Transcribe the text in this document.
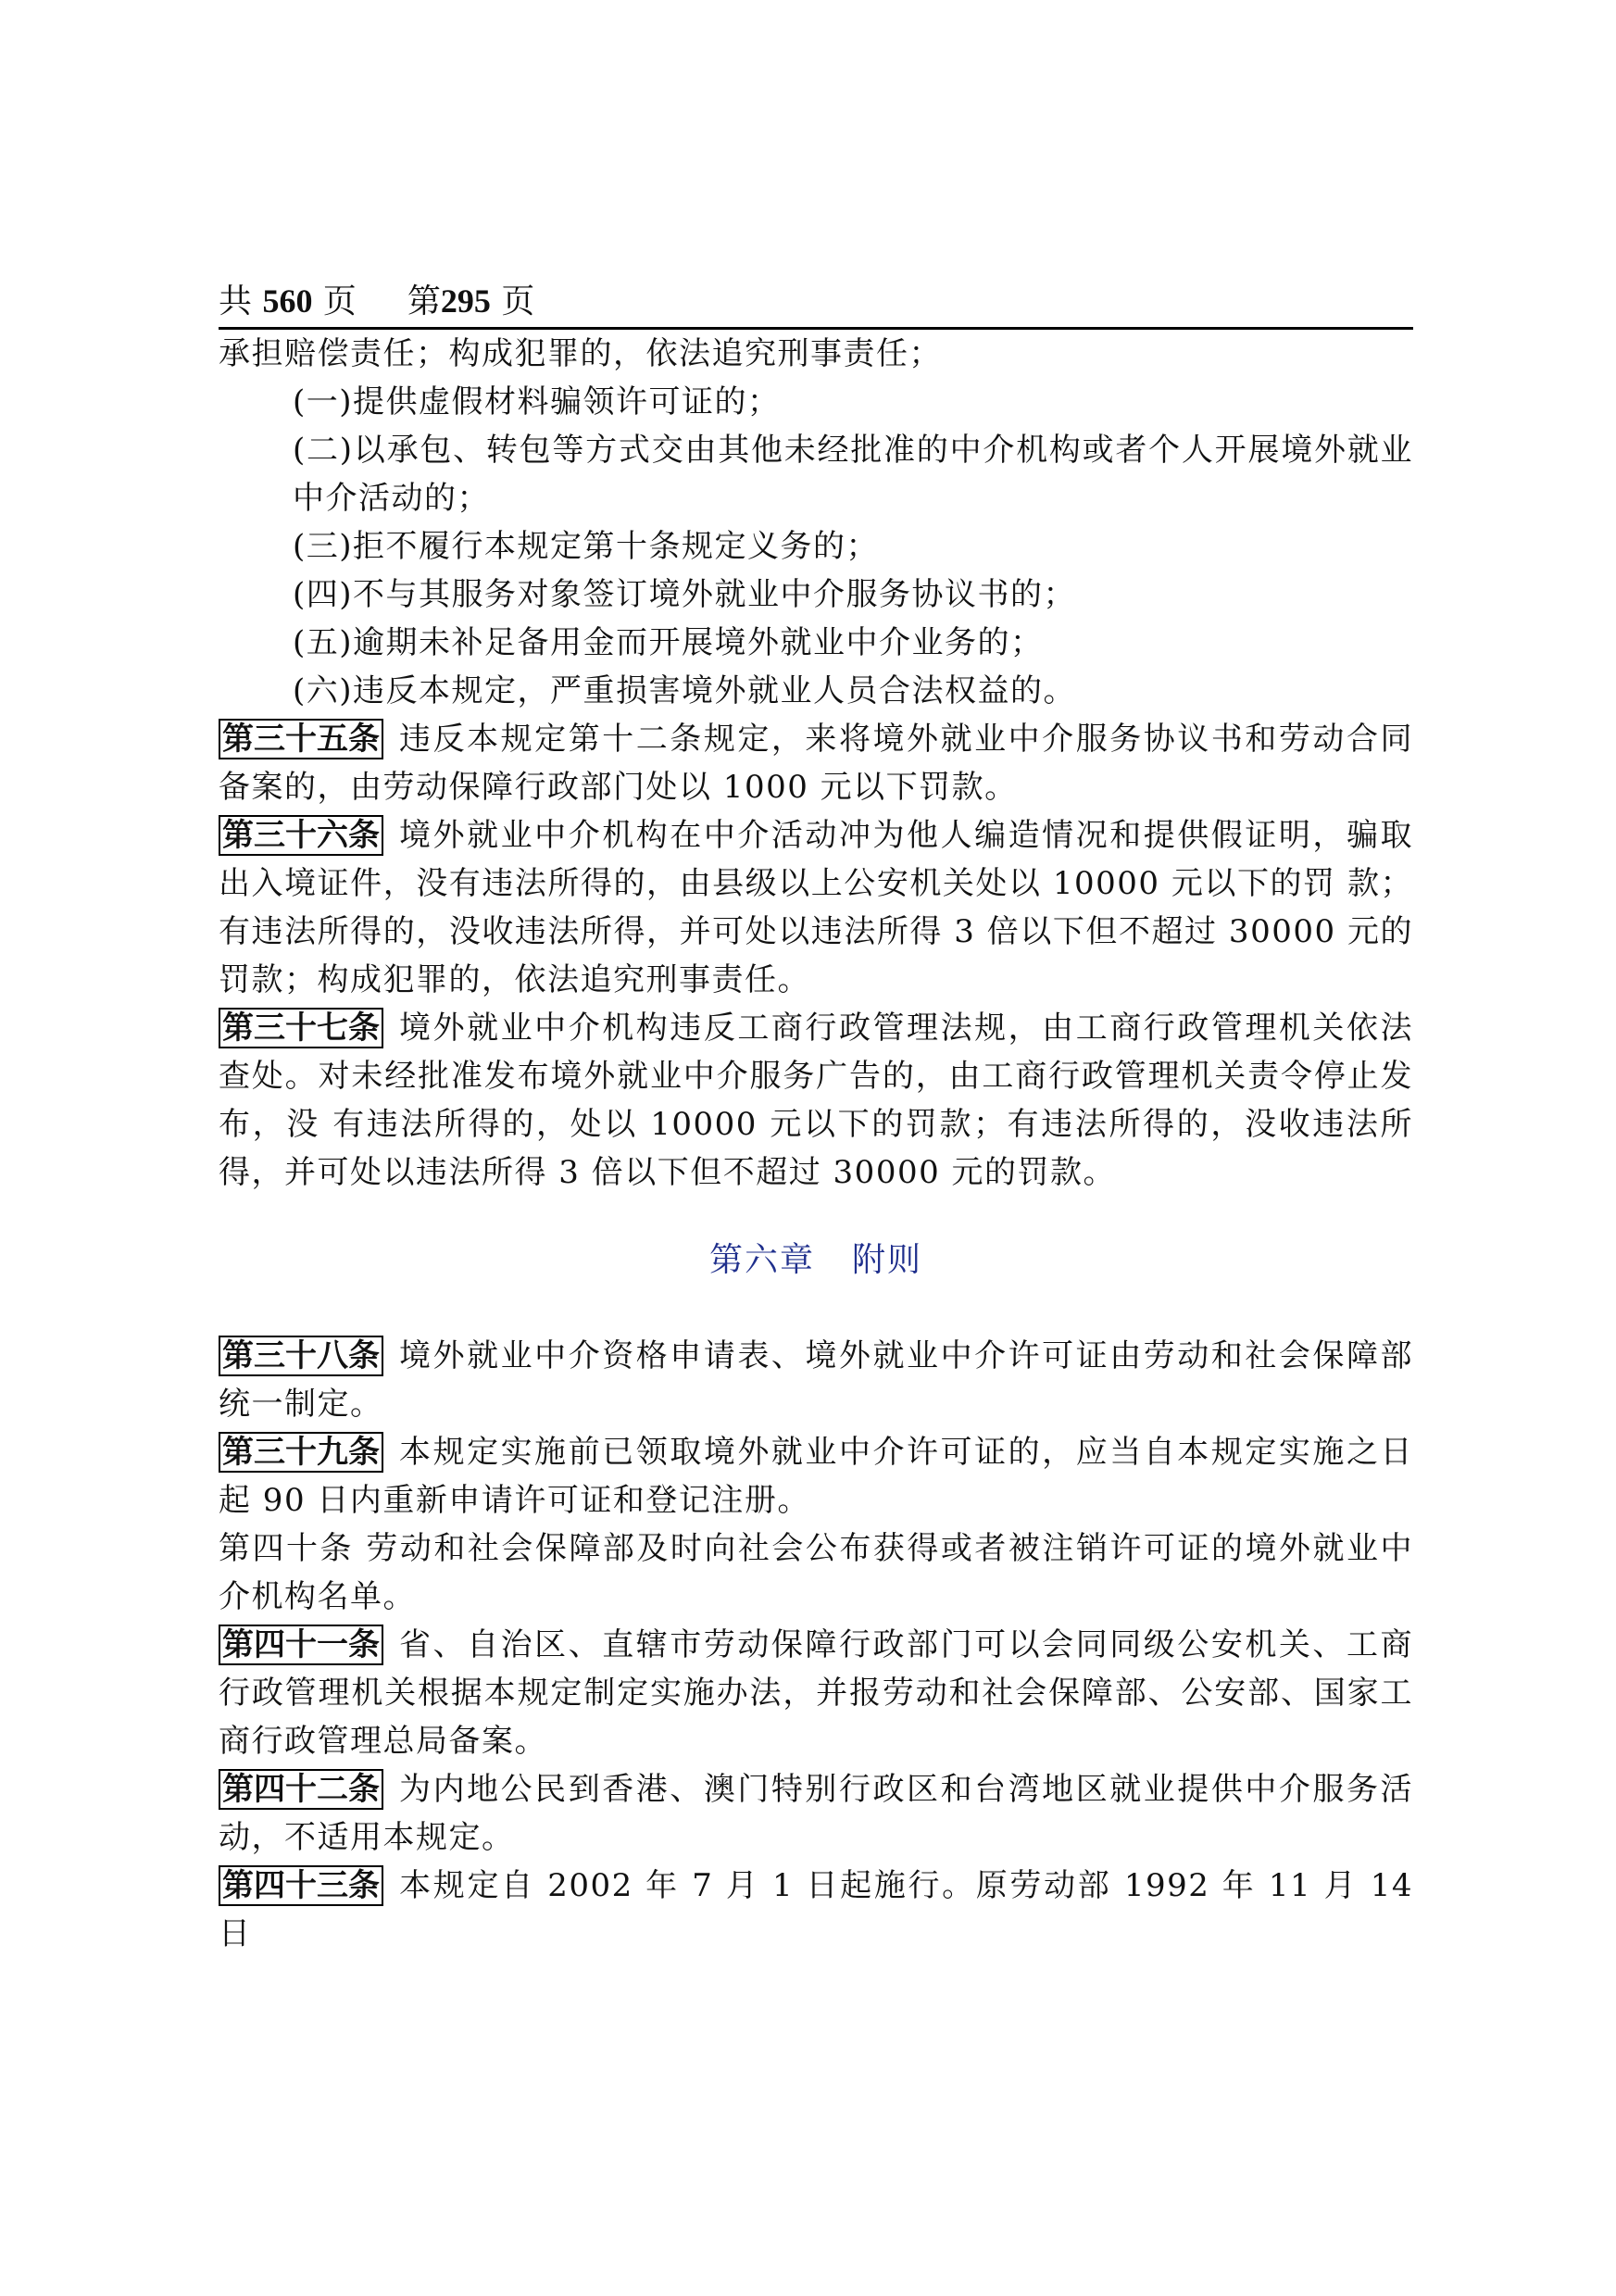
共 560 页 第295 页

承担赔偿责任；构成犯罪的，依法追究刑事责任；

(一)提供虚假材料骗领许可证的；

(二)以承包、转包等方式交由其他未经批准的中介机构或者个人开展境外就业中介活动的；

(三)拒不履行本规定第十条规定义务的；

(四)不与其服务对象签订境外就业中介服务协议书的；

(五)逾期未补足备用金而开展境外就业中介业务的；

(六)违反本规定，严重损害境外就业人员合法权益的。

第三十五条 违反本规定第十二条规定，来将境外就业中介服务协议书和劳动合同备案的，由劳动保障行政部门处以 1000 元以下罚款。

第三十六条 境外就业中介机构在中介活动冲为他人编造情况和提供假证明，骗取出入境证件，没有违法所得的，由县级以上公安机关处以 10000 元以下的罚 款；有违法所得的，没收违法所得，并可处以违法所得 3 倍以下但不超过 30000 元的罚款；构成犯罪的，依法追究刑事责任。

第三十七条 境外就业中介机构违反工商行政管理法规，由工商行政管理机关依法查处。对未经批准发布境外就业中介服务广告的，由工商行政管理机关责令停止发布，没 有违法所得的，处以 10000 元以下的罚款；有违法所得的，没收违法所得，并可处以违法所得 3 倍以下但不超过 30000 元的罚款。

第六章 附则

第三十八条 境外就业中介资格申请表、境外就业中介许可证由劳动和社会保障部统一制定。

第三十九条 本规定实施前已领取境外就业中介许可证的，应当自本规定实施之日起 90 日内重新申请许可证和登记注册。

第四十条 劳动和社会保障部及时向社会公布获得或者被注销许可证的境外就业中介机构名单。

第四十一条 省、自治区、直辖市劳动保障行政部门可以会同同级公安机关、工商行政管理机关根据本规定制定实施办法，并报劳动和社会保障部、公安部、国家工商行政管理总局备案。

第四十二条 为内地公民到香港、澳门特别行政区和台湾地区就业提供中介服务活动，不适用本规定。

第四十三条 本规定自 2002 年 7 月 1 日起施行。原劳动部 1992 年 11 月 14 日
